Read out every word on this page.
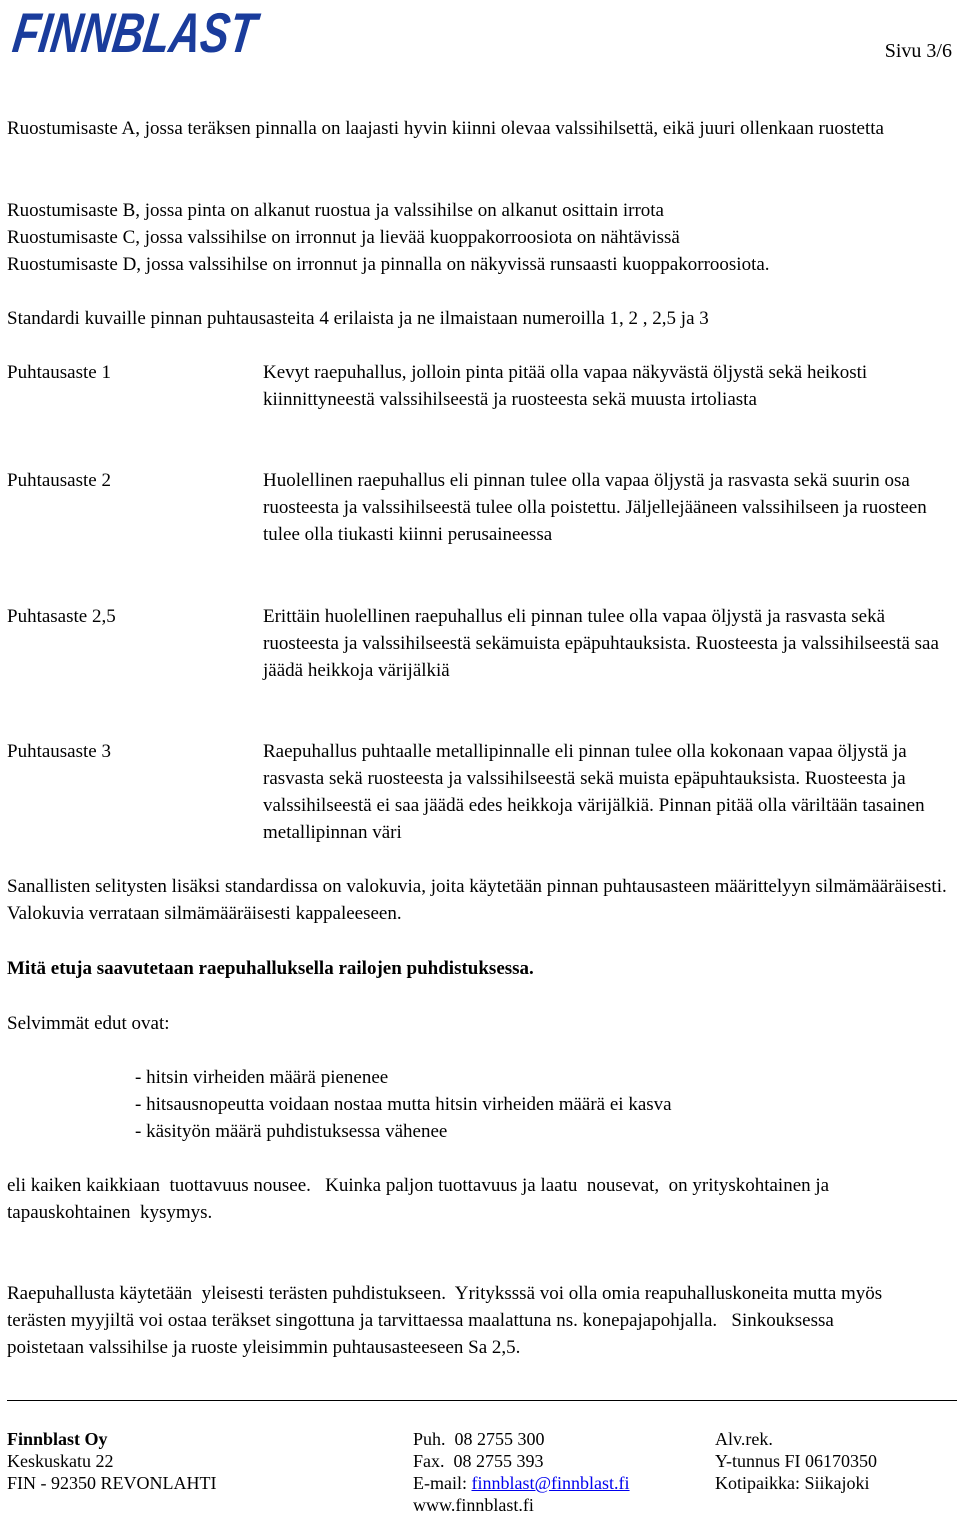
FINNBLAST	Sivu 3/6
Ruostumisaste A, jossa teräksen pinnalla on laajasti hyvin kiinni olevaa valssihilsettä, eikä juuri ollenkaan ruostetta

Ruostumisaste B, jossa pinta on alkanut ruostua ja valssihilse on alkanut osittain irrota

Ruostumisaste C, jossa valssihilse on irronnut ja lievää kuoppakorroosiota on nähtävissä

Ruostumisaste D, jossa valssihilse on irronnut ja pinnalla on näkyvissä runsaasti kuoppakorroosiota.

Standardi kuvaille pinnan puhtausasteita 4 erilaista ja ne ilmaistaan numeroilla 1, 2 , 2,5 ja 3
Puhtausaste 1	Kevyt raepuhallus, jolloin pinta pitää olla vapaa näkyvästä öljystä sekä heikosti kiinnittyneestä valssihilseestä ja ruosteesta sekä muusta irtoliasta
Puhtausaste 2	Huolellinen raepuhallus eli pinnan tulee olla vapaa öljystä ja rasvasta sekä suurin osa ruosteesta ja valssihilseestä tulee olla poistettu. Jäljellejääneen valssihilseen ja ruosteen tulee olla tiukasti kiinni perusaineessa
Puhtasaste 2,5	Erittäin huolellinen raepuhallus eli pinnan tulee olla vapaa öljystä ja rasvasta sekä ruosteesta ja valssihilseestä sekämuista epäpuhtauksista. Ruosteesta ja valssihilseestä saa jäädä heikkoja värijälkiä
Puhtausaste 3	Raepuhallus puhtaalle metallipinnalle eli pinnan tulee olla kokonaan vapaa öljystä ja rasvasta sekä ruosteesta ja valssihilseestä sekä muista epäpuhtauksista. Ruosteesta ja valssihilseestä ei saa jäädä edes heikkoja värijälkiä. Pinnan pitää olla väriltään tasainen metallipinnan väri
Sanallisten selitysten lisäksi standardissa on valokuvia, joita käytetään pinnan puhtausasteen määrittelyyn silmämääräisesti. Valokuvia verrataan silmämääräisesti kappaleeseen.
Mitä etuja saavutetaan raepuhalluksella railojen puhdistuksessa.
Selvimmät edut ovat:

- hitsin virheiden määrä pienenee

- hitsausnopeutta voidaan nostaa mutta hitsin virheiden määrä ei kasva

- käsityön määrä puhdistuksessa vähenee

eli kaiken kaikkiaan  tuottavuus nousee.   Kuinka paljon tuottavuus ja laatu  nousevat,  on yrityskohtainen ja tapauskohtainen  kysymys.
Raepuhallusta käytetään  yleisesti terästen puhdistukseen.  Yrityksssä voi olla omia reapuhalluskoneita mutta myös terästen myyjiltä voi ostaa teräkset singottuna ja tarvittaessa maalattuna ns. konepajapohjalla.   Sinkouksessa poistetaan valssihilse ja ruoste yleisimmin puhtausasteeseen Sa 2,5.

Finnblast Oy

Keskuskatu 22

FIN - 92350 REVONLAHTI

Puh.  08 2755 300

Fax.  08 2755 393

E-mail: finnblast@finnblast.fi

www.finnblast.fi

Alv.rek.

Y-tunnus FI 06170350

Kotipaikka: Siikajoki
